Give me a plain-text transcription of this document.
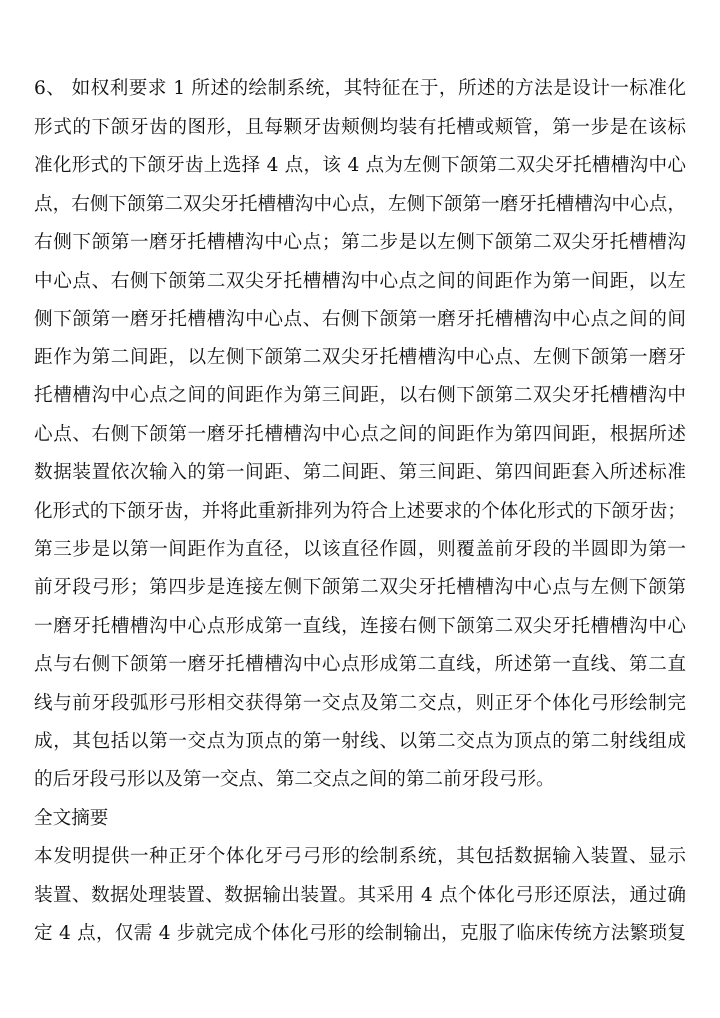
6、 如权利要求 1 所述的绘制系统，其特征在于，所述的方法是设计一标准化
形式的下颌牙齿的图形，且每颗牙齿颊侧均装有托槽或颊管，第一步是在该标
准化形式的下颌牙齿上选择 4 点，该 4 点为左侧下颌第二双尖牙托槽槽沟中心
点，右侧下颌第二双尖牙托槽槽沟中心点，左侧下颌第一磨牙托槽槽沟中心点，
右侧下颌第一磨牙托槽槽沟中心点；第二步是以左侧下颌第二双尖牙托槽槽沟
中心点、右侧下颌第二双尖牙托槽槽沟中心点之间的间距作为第一间距，以左
侧下颌第一磨牙托槽槽沟中心点、右侧下颌第一磨牙托槽槽沟中心点之间的间
距作为第二间距，以左侧下颌第二双尖牙托槽槽沟中心点、左侧下颌第一磨牙
托槽槽沟中心点之间的间距作为第三间距，以右侧下颌第二双尖牙托槽槽沟中
心点、右侧下颌第一磨牙托槽槽沟中心点之间的间距作为第四间距，根据所述
数据装置依次输入的第一间距、第二间距、第三间距、第四间距套入所述标准
化形式的下颌牙齿，并将此重新排列为符合上述要求的个体化形式的下颌牙齿；
第三步是以第一间距作为直径，以该直径作圆，则覆盖前牙段的半圆即为第一
前牙段弓形；第四步是连接左侧下颌第二双尖牙托槽槽沟中心点与左侧下颌第
一磨牙托槽槽沟中心点形成第一直线，连接右侧下颌第二双尖牙托槽槽沟中心
点与右侧下颌第一磨牙托槽槽沟中心点形成第二直线，所述第一直线、第二直
线与前牙段弧形弓形相交获得第一交点及第二交点，则正牙个体化弓形绘制完
成，其包括以第一交点为顶点的第一射线、以第二交点为顶点的第二射线组成
的后牙段弓形以及第一交点、第二交点之间的第二前牙段弓形。
全文摘要
本发明提供一种正牙个体化牙弓弓形的绘制系统，其包括数据输入装置、显示
装置、数据处理装置、数据输出装置。其采用 4 点个体化弓形还原法，通过确
定 4 点，仅需 4 步就完成个体化弓形的绘制输出，克服了临床传统方法繁琐复
